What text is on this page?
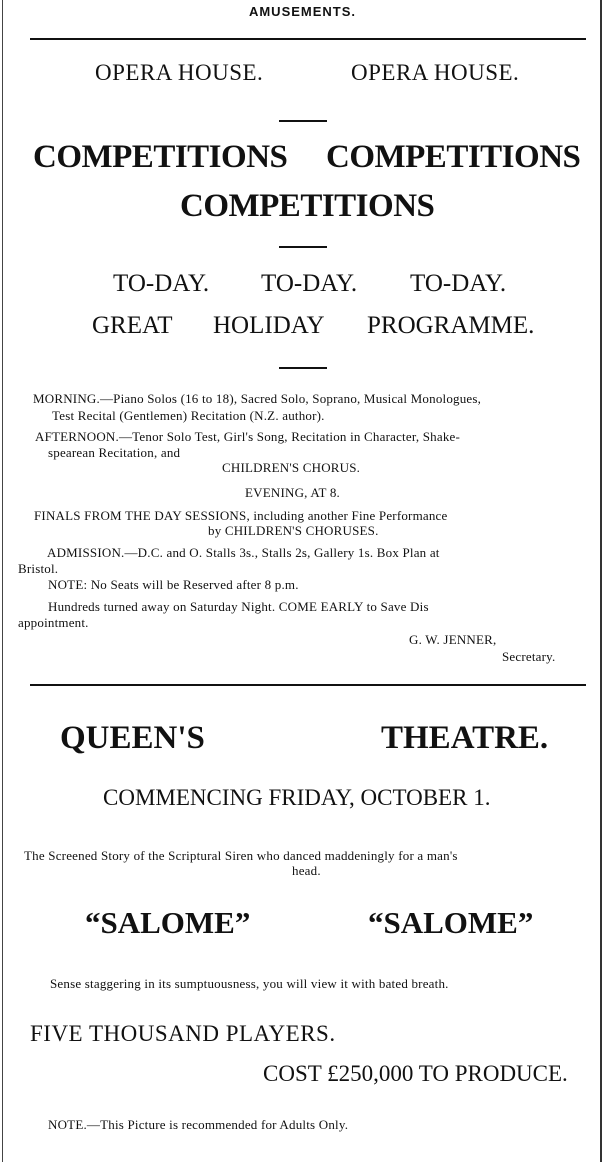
AMUSEMENTS.
OPERA HOUSE.	OPERA HOUSE.
COMPETITIONS COMPETITIONS
COMPETITIONS
TO-DAY. TO-DAY. TO-DAY.
GREAT HOLIDAY PROGRAMME.
MORNING.—Piano Solos (16 to 18), Sacred Solo, Soprano, Musical Monologues,
Test Recital (Gentlemen) Recitation (N.Z. author).
AFTERNOON.—Tenor Solo Test, Girl's Song, Recitation in Character, Shake-
spearean Recitation, and
CHILDREN'S CHORUS.
EVENING, AT 8.
FINALS FROM THE DAY SESSIONS, including another Fine Performance
by CHILDREN'S CHORUSES.
ADMISSION.—D.C. and O. Stalls 3s., Stalls 2s, Gallery 1s. Box Plan at
Bristol.
NOTE: No Seats will be Reserved after 8 p.m.
Hundreds turned away on Saturday Night. COME EARLY to Save Dis
appointment.
G. W. JENNER,
Secretary.
QUEEN'S	THEATRE.
COMMENCING FRIDAY, OCTOBER 1.
The Screened Story of the Scriptural Siren who danced maddeningly for a man's
head.
“SALOME”	“SALOME”
Sense staggering in its sumptuousness, you will view it with bated breath.
FIVE THOUSAND PLAYERS.
COST £250,000 TO PRODUCE.
NOTE.—This Picture is recommended for Adults Only.
